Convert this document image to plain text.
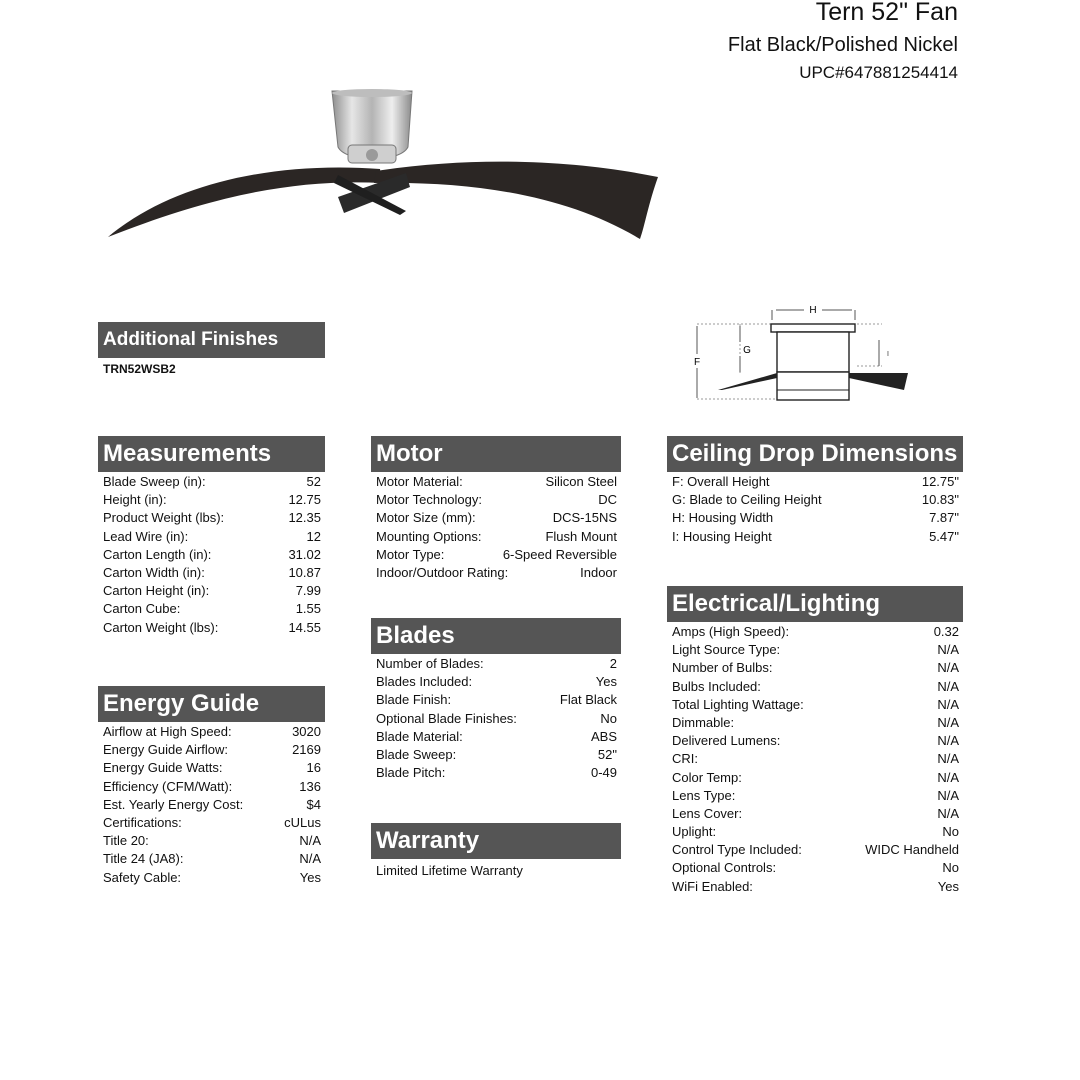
Tern 52" Fan
Flat Black/Polished Nickel
UPC#647881254414
H
F
G	I
Additional Finishes
TRN52WSB2
Measurements
Blade Sweep (in):	52
Height (in):	12.75
Product Weight (lbs):	12.35
Lead Wire (in):	12
Carton Length (in):	31.02
Carton Width (in):	10.87
Carton Height (in):	7.99
Carton Cube:	1.55
Carton Weight (lbs):	14.55
Energy Guide
Airflow at High Speed:	3020
Energy Guide Airflow:	2169
Energy Guide Watts:	16
Efficiency (CFM/Watt):	136
Est. Yearly Energy Cost:	$4
Certifications:	cULus
Title 20:	N/A
Title 24 (JA8):	N/A
Safety Cable:	Yes
Motor
Motor Material:	Silicon Steel
Motor Technology:	DC
Motor Size (mm):	DCS-15NS
Mounting Options:	Flush Mount
Motor Type:	6-Speed Reversible
Indoor/Outdoor Rating:	Indoor
Blades
Number of Blades:	2
Blades Included:	Yes
Blade Finish:	Flat Black
Optional Blade Finishes:	No
Blade Material:	ABS
Blade Sweep:	52"
Blade Pitch:	0-49
Warranty
Limited Lifetime Warranty
Ceiling Drop Dimensions
F: Overall Height	12.75"
G: Blade to Ceiling Height	10.83"
H: Housing Width	7.87"
I: Housing Height	5.47"
Electrical/Lighting
Amps (High Speed):	0.32
Light Source Type:	N/A
Number of Bulbs:	N/A
Bulbs Included:	N/A
Total Lighting Wattage:	N/A
Dimmable:	N/A
Delivered Lumens:	N/A
CRI:	N/A
Color Temp:	N/A
Lens Type:	N/A
Lens Cover:	N/A
Uplight:	No
Control Type Included:	WIDC Handheld
Optional Controls:	No
WiFi Enabled:	Yes
